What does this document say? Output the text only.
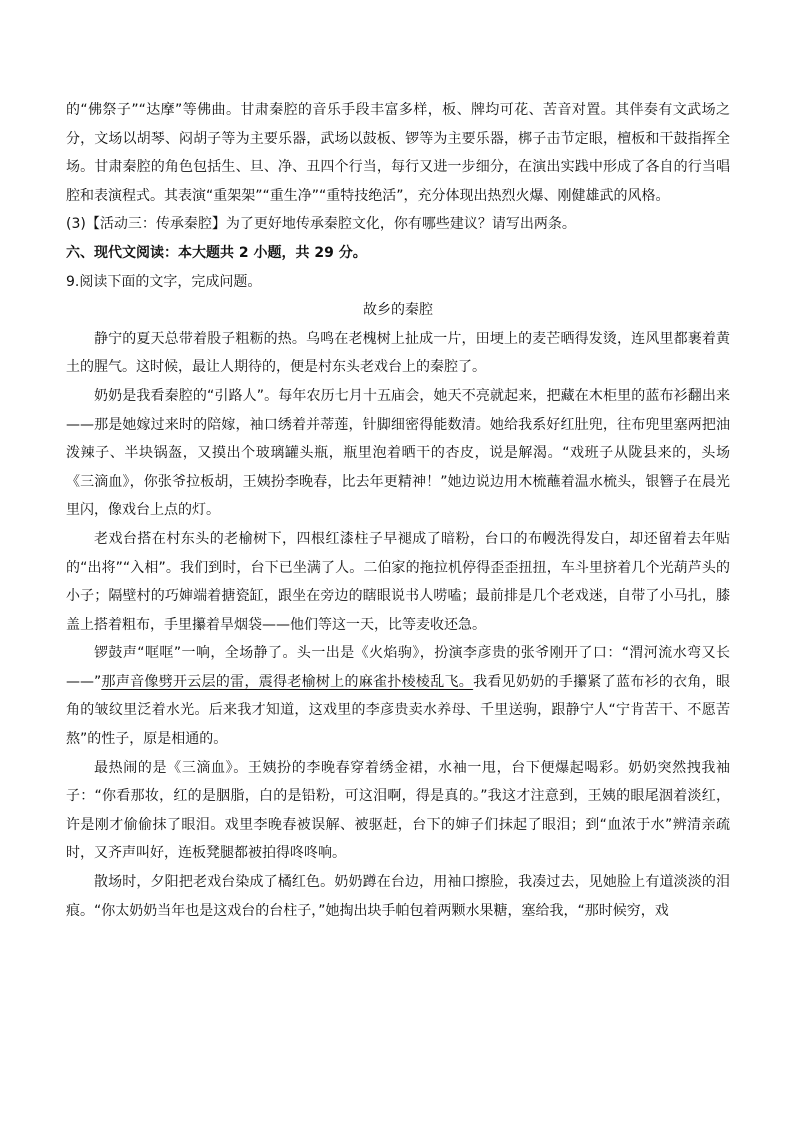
的“佛祭子”“达摩”等佛曲。甘肃秦腔的音乐手段丰富多样，板、牌均可花、苦音对置。其伴奏有文武场之分，文场以胡琴、闷胡子等为主要乐器，武场以鼓板、锣等为主要乐器，梆子击节定眼，檀板和干鼓指挥全场。甘肃秦腔的角色包括生、旦、净、丑四个行当，每行又进一步细分，在演出实践中形成了各自的行当唱腔和表演程式。其表演“重架架”“重生净”“重特技绝活”，充分体现出热烈火爆、刚健雄武的风格。

(3)【活动三：传承秦腔】为了更好地传承秦腔文化，你有哪些建议？请写出两条。

六、现代文阅读：本大题共 2 小题，共 29 分。

9.阅读下面的文字，完成问题。

故乡的秦腔

静宁的夏天总带着股子粗粝的热。乌鸣在老槐树上扯成一片，田埂上的麦芒晒得发烫，连风里都裹着黄土的腥气。这时候，最让人期待的，便是村东头老戏台上的秦腔了。

奶奶是我看秦腔的“引路人”。每年农历七月十五庙会，她天不亮就起来，把藏在木柜里的蓝布衫翻出来——那是她嫁过来时的陪嫁，袖口绣着并蒂莲，针脚细密得能数清。她给我系好红肚兜，往布兜里塞两把油泼辣子、半块锅盔，又摸出个玻璃罐头瓶，瓶里泡着晒干的杏皮，说是解渴。“戏班子从陇县来的，头场《三滴血》，你张爷拉板胡，王姨扮李晚春，比去年更精神！”她边说边用木梳蘸着温水梳头，银簪子在晨光里闪，像戏台上点的灯。

老戏台搭在村东头的老榆树下，四根红漆柱子早褪成了暗粉，台口的布幔洗得发白，却还留着去年贴的“出将”“入相”。我们到时，台下已坐满了人。二伯家的拖拉机停得歪歪扭扭，车斗里挤着几个光葫芦头的小子；隔壁村的巧婶端着搪瓷缸，跟坐在旁边的瞎眼说书人唠嗑；最前排是几个老戏迷，自带了小马扎，膝盖上搭着粗布，手里攥着旱烟袋——他们等这一天，比等麦收还急。

锣鼓声“哐哐”一响，全场静了。头一出是《火焰驹》，扮演李彦贵的张爷刚开了口：“渭河流水弯又长——”那声音像劈开云层的雷，震得老榆树上的麻雀扑棱棱乱飞。我看见奶奶的手攥紧了蓝布衫的衣角，眼角的皱纹里泛着水光。后来我才知道，这戏里的李彦贵卖水养母、千里送驹，跟静宁人“宁肯苦干、不愿苦熬”的性子，原是相通的。

最热闹的是《三滴血》。王姨扮的李晚春穿着绣金裙，水袖一甩，台下便爆起喝彩。奶奶突然拽我袖子：“你看那妆，红的是胭脂，白的是铅粉，可这泪啊，得是真的。”我这才注意到，王姨的眼尾洇着淡红，许是刚才偷偷抹了眼泪。戏里李晚春被误解、被驱赶，台下的婶子们抹起了眼泪；到“血浓于水”辨清亲疏时，又齐声叫好，连板凳腿都被拍得咚咚响。

散场时，夕阳把老戏台染成了橘红色。奶奶蹲在台边，用袖口擦脸，我凑过去，见她脸上有道淡淡的泪痕。“你太奶奶当年也是这戏台的台柱子，”她掏出块手帕包着两颗水果糖，塞给我，“那时候穷，戏
